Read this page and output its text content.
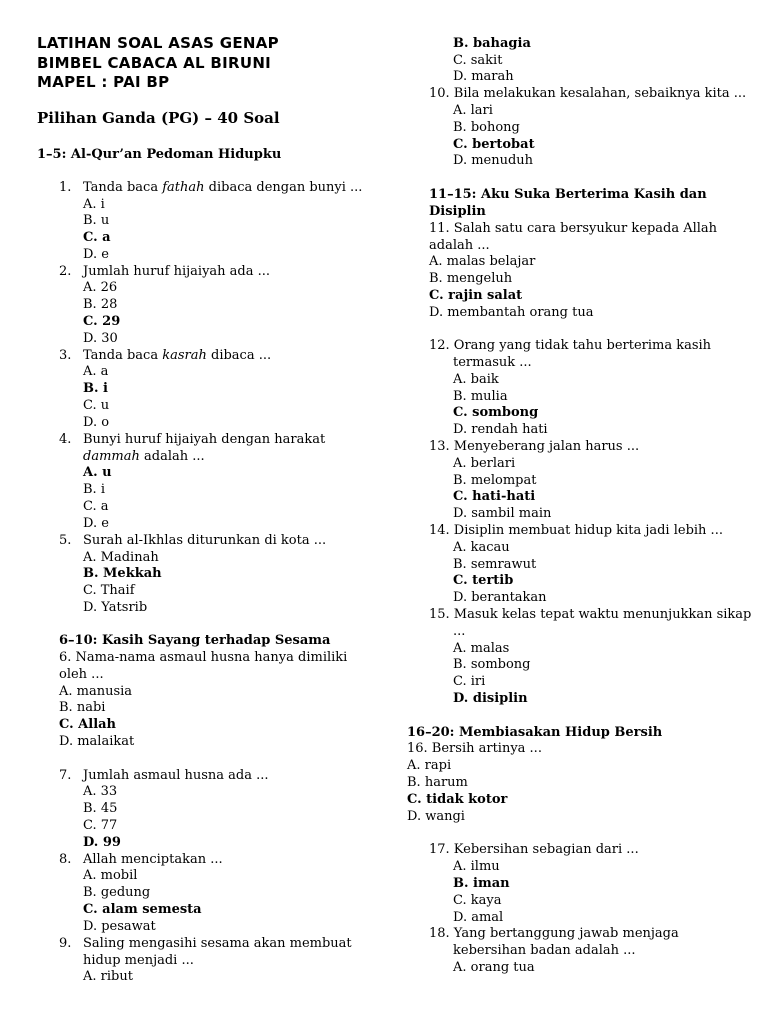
LATIHAN SOAL ASAS GENAP
BIMBEL CABACA AL BIRUNI
MAPEL : PAI BP
Pilihan Ganda (PG) – 40 Soal
1–5: Al-Qur’an Pedoman Hidupku
1. Tanda baca fathah dibaca dengan bunyi ...
A. i
B. u
C. a
D. e
2. Jumlah huruf hijaiyah ada ...
A. 26
B. 28
C. 29
D. 30
3. Tanda baca kasrah dibaca ...
A. a
B. i
C. u
D. o
4. Bunyi huruf hijaiyah dengan harakat
dammah adalah ...
A. u
B. i
C. a
D. e
5. Surah al-Ikhlas diturunkan di kota ...
A. Madinah
B. Mekkah
C. Thaif
D. Yatsrib
6–10: Kasih Sayang terhadap Sesama
6. Nama-nama asmaul husna hanya dimiliki
oleh ...
A. manusia
B. nabi
C. Allah
D. malaikat
7. Jumlah asmaul husna ada ...
A. 33
B. 45
C. 77
D. 99
8. Allah menciptakan ...
A. mobil
B. gedung
C. alam semesta
D. pesawat
9. Saling mengasihi sesama akan membuat
hidup menjadi ...
A. ribut
B. bahagia
C. sakit
D. marah
10. Bila melakukan kesalahan, sebaiknya kita ...
A. lari
B. bohong
C. bertobat
D. menuduh
11–15: Aku Suka Berterima Kasih dan
Disiplin
11. Salah satu cara bersyukur kepada Allah
adalah ...
A. malas belajar
B. mengeluh
C. rajin salat
D. membantah orang tua
12. Orang yang tidak tahu berterima kasih
termasuk ...
A. baik
B. mulia
C. sombong
D. rendah hati
13. Menyeberang jalan harus ...
A. berlari
B. melompat
C. hati-hati
D. sambil main
14. Disiplin membuat hidup kita jadi lebih ...
A. kacau
B. semrawut
C. tertib
D. berantakan
15. Masuk kelas tepat waktu menunjukkan sikap
...
A. malas
B. sombong
C. iri
D. disiplin
16–20: Membiasakan Hidup Bersih
16. Bersih artinya ...
A. rapi
B. harum
C. tidak kotor
D. wangi
17. Kebersihan sebagian dari ...
A. ilmu
B. iman
C. kaya
D. amal
18. Yang bertanggung jawab menjaga
kebersihan badan adalah ...
A. orang tua
